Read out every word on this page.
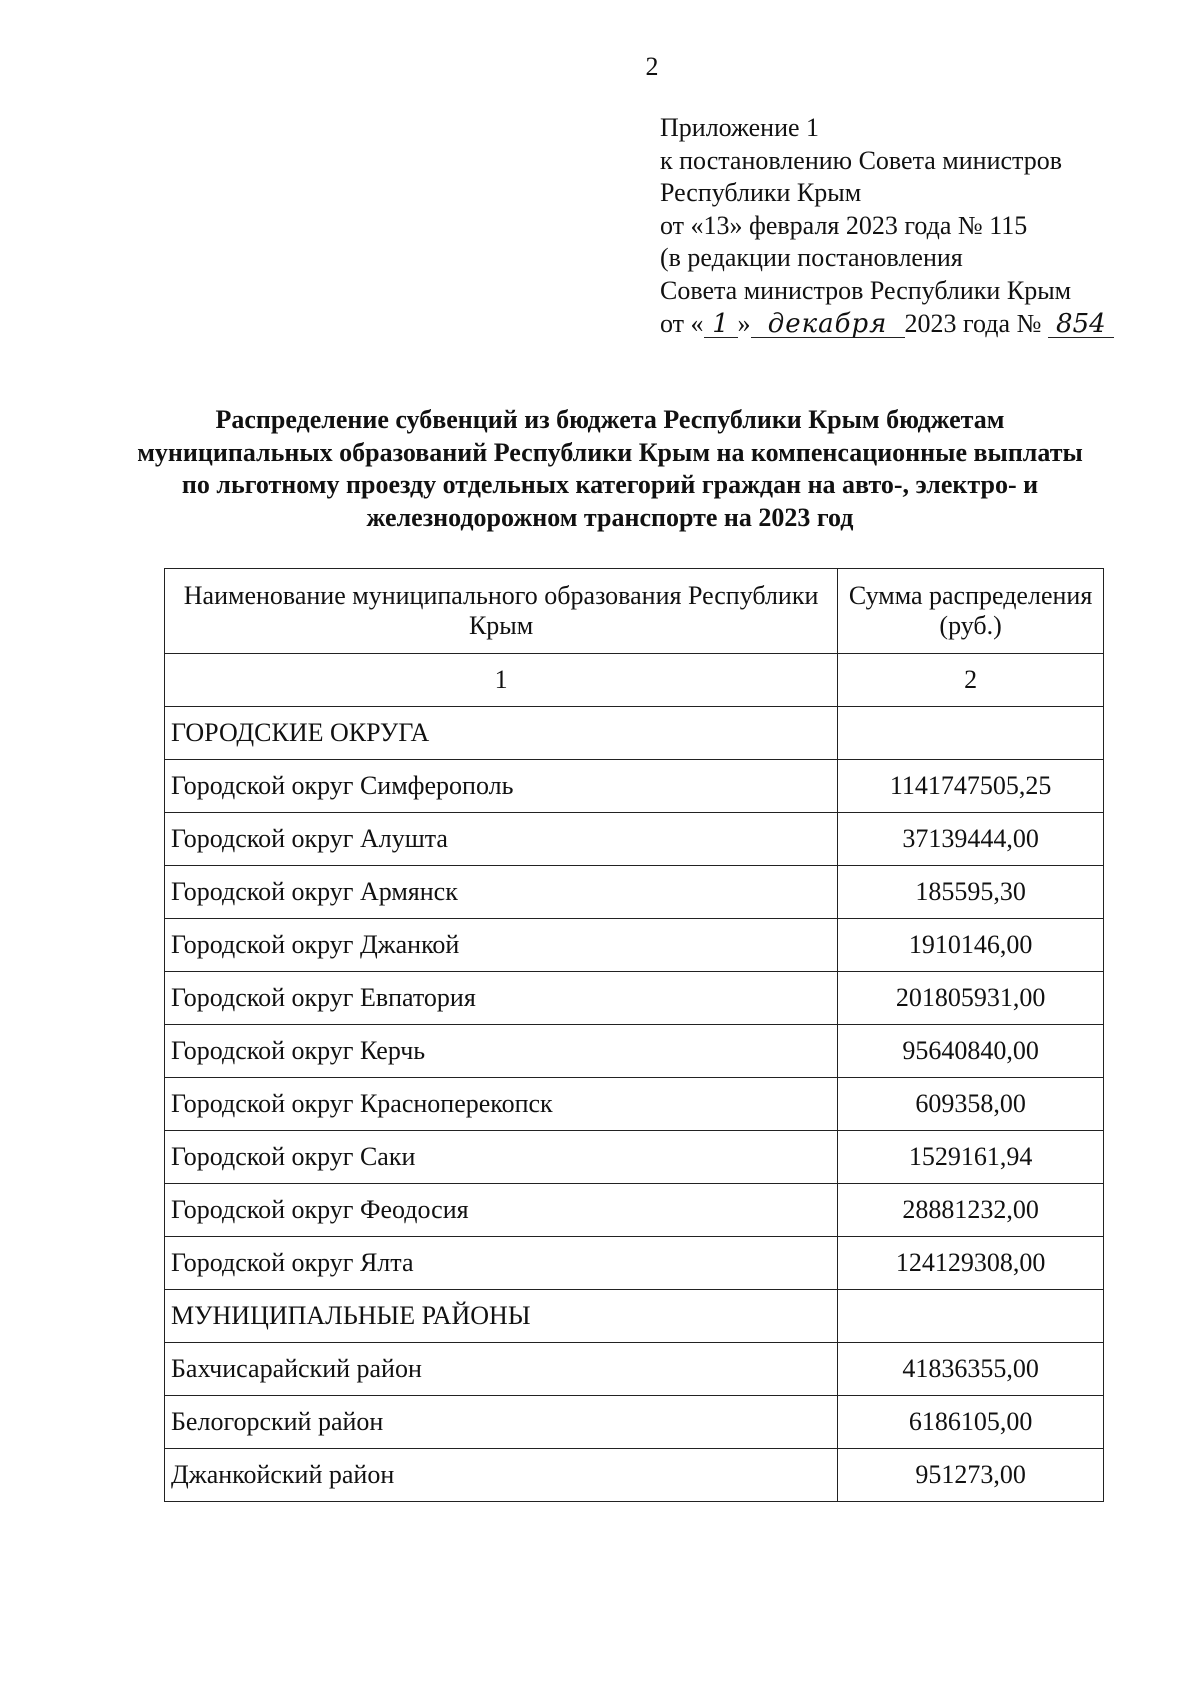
2
Приложение 1
к постановлению Совета министров
Республики Крым
от «13» февраля 2023 года № 115
(в редакции постановления
Совета министров Республики Крым
от « 1 » декабря 2023 года № 854
Распределение субвенций из бюджета Республики Крым бюджетам муниципальных образований Республики Крым на компенсационные выплаты по льготному проезду отдельных категорий граждан на авто-, электро- и железнодорожном транспорте на 2023 год
Наименование муниципального образования Республики Крым	Сумма распределения (руб.)
1	2
ГОРОДСКИЕ ОКРУГА	
Городской округ Симферополь	1141747505,25
Городской округ Алушта	37139444,00
Городской округ Армянск	185595,30
Городской округ Джанкой	1910146,00
Городской округ Евпатория	201805931,00
Городской округ Керчь	95640840,00
Городской округ Красноперекопск	609358,00
Городской округ Саки	1529161,94
Городской округ Феодосия	28881232,00
Городской округ Ялта	124129308,00
МУНИЦИПАЛЬНЫЕ РАЙОНЫ	
Бахчисарайский район	41836355,00
Белогорский район	6186105,00
Джанкойский район	951273,00
